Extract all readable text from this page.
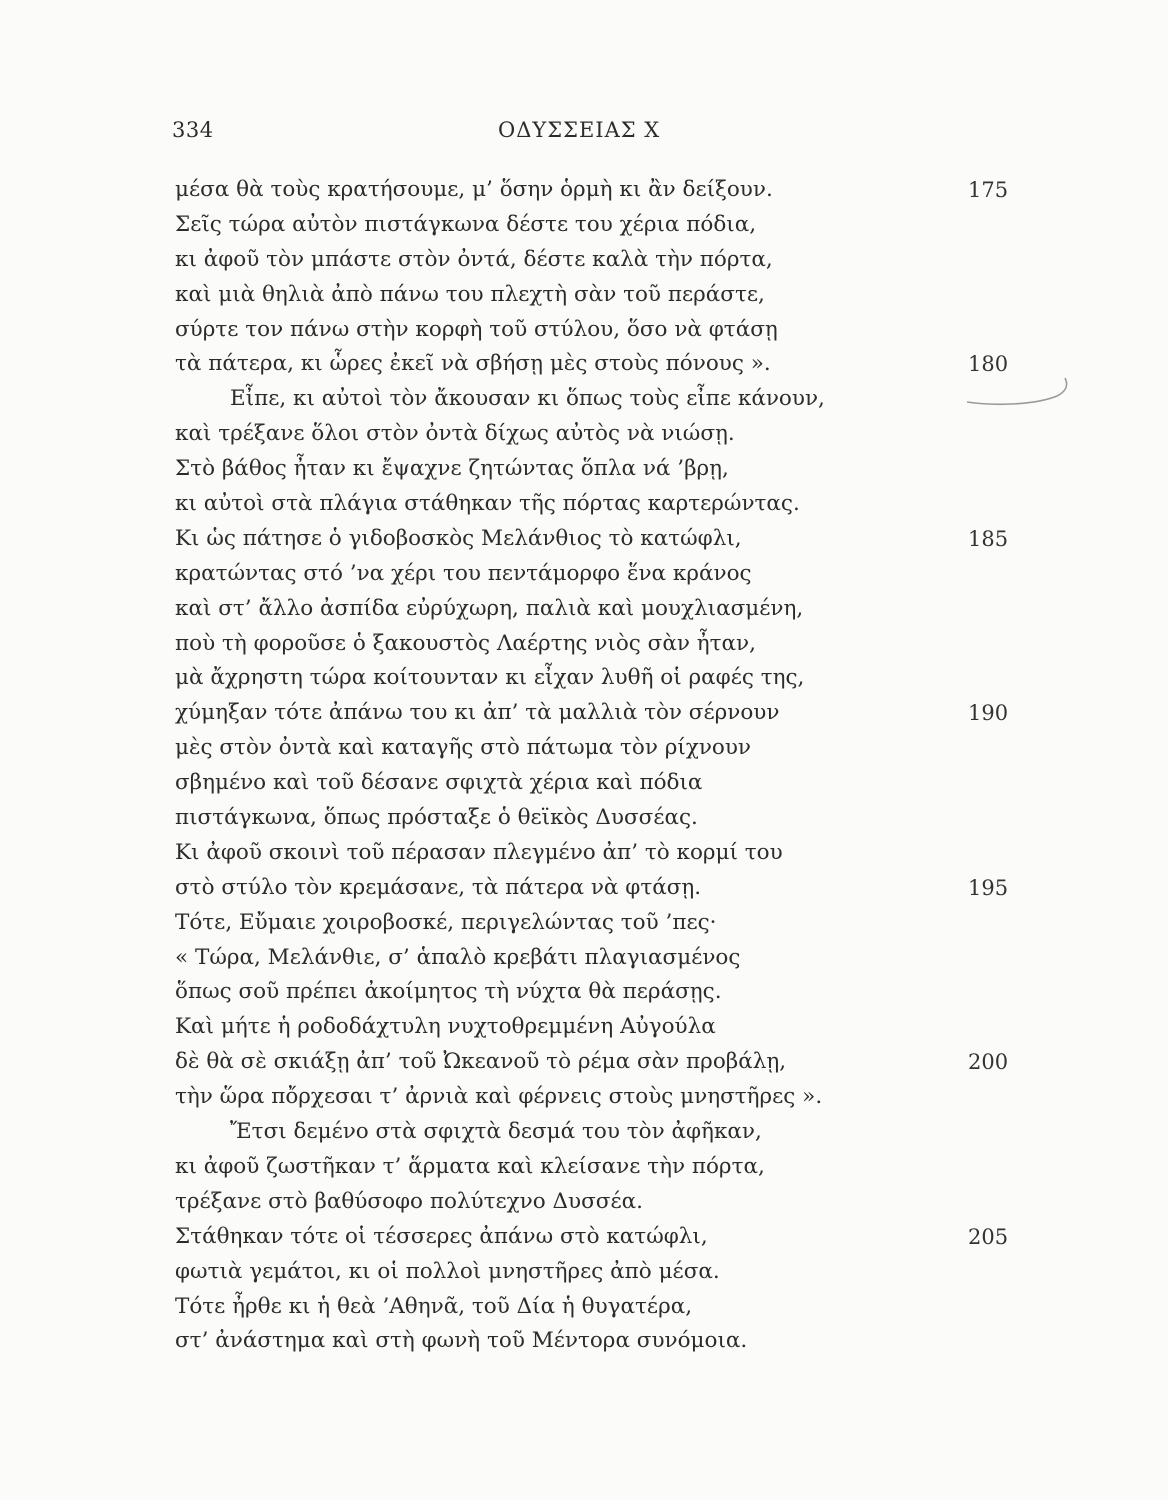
334	ΟΔΥΣΣΕΙΑΣ Χ
μέσα θὰ τοὺς κρατήσουμε, μ’ ὅσην ὁρμὴ κι ἂν δείξουν.	175
Σεῖς τώρα αὐτὸν πιστάγκωνα δέστε του χέρια πόδια,
κι ἀφοῦ τὸν μπάστε στὸν ὀντά, δέστε καλὰ τὴν πόρτα,
καὶ μιὰ θηλιὰ ἀπὸ πάνω του πλεχτὴ σὰν τοῦ περάστε,
σύρτε τον πάνω στὴν κορφὴ τοῦ στύλου, ὅσο νὰ φτάσῃ
τὰ πάτερα, κι ὧρες ἐκεῖ νὰ σβήσῃ μὲς στοὺς πόνους ».	180
Εἶπε, κι αὐτοὶ τὸν ἄκουσαν κι ὅπως τοὺς εἶπε κάνουν,
καὶ τρέξανε ὅλοι στὸν ὀντὰ δίχως αὐτὸς νὰ νιώσῃ.
Στὸ βάθος ἦταν κι ἔψαχνε ζητώντας ὅπλα νά ’βρῃ,
κι αὐτοὶ στὰ πλάγια στάθηκαν τῆς πόρτας καρτερώντας.
Κι ὡς πάτησε ὁ γιδοβοσκὸς Μελάνθιος τὸ κατώφλι,	185
κρατώντας στό ’να χέρι του πεντάμορφο ἕνα κράνος
καὶ στ’ ἄλλο ἀσπίδα εὐρύχωρη, παλιὰ καὶ μουχλιασμένη,
ποὺ τὴ φοροῦσε ὁ ξακουστὸς Λαέρτης νιὸς σὰν ἦταν,
μὰ ἄχρηστη τώρα κοίτουνταν κι εἶχαν λυθῆ οἱ ραφές της,
χύμηξαν τότε ἀπάνω του κι ἀπ’ τὰ μαλλιὰ τὸν σέρνουν	190
μὲς στὸν ὀντὰ καὶ καταγῆς στὸ πάτωμα τὸν ρίχνουν
σβημένο καὶ τοῦ δέσανε σφιχτὰ χέρια καὶ πόδια
πιστάγκωνα, ὅπως πρόσταξε ὁ θεϊκὸς Δυσσέας.
Κι ἀφοῦ σκοινὶ τοῦ πέρασαν πλεγμένο ἀπ’ τὸ κορμί του
στὸ στύλο τὸν κρεμάσανε, τὰ πάτερα νὰ φτάσῃ.	195
Τότε, Εὔμαιε χοιροβοσκέ, περιγελώντας τοῦ ’πες·
« Τώρα, Μελάνθιε, σ’ ἁπαλὸ κρεβάτι πλαγιασμένος
ὅπως σοῦ πρέπει ἀκοίμητος τὴ νύχτα θὰ περάσῃς.
Καὶ μήτε ἡ ροδοδάχτυλη νυχτοθρεμμένη Αὐγούλα
δὲ θὰ σὲ σκιάξῃ ἀπ’ τοῦ Ὠκεανοῦ τὸ ρέμα σὰν προβάλῃ,	200
τὴν ὥρα πὄρχεσαι τ’ ἀρνιὰ καὶ φέρνεις στοὺς μνηστῆρες ».
Ἔτσι δεμένο στὰ σφιχτὰ δεσμά του τὸν ἀφῆκαν,
κι ἀφοῦ ζωστῆκαν τ’ ἅρματα καὶ κλείσανε τὴν πόρτα,
τρέξανε στὸ βαθύσοφο πολύτεχνο Δυσσέα.
Στάθηκαν τότε οἱ τέσσερες ἀπάνω στὸ κατώφλι,	205
φωτιὰ γεμάτοι, κι οἱ πολλοὶ μνηστῆρες ἀπὸ μέσα.
Τότε ἦρθε κι ἡ θεὰ ’Αθηνᾶ, τοῦ Δία ἡ θυγατέρα,
στ’ ἀνάστημα καὶ στὴ φωνὴ τοῦ Μέντορα συνόμοια.
